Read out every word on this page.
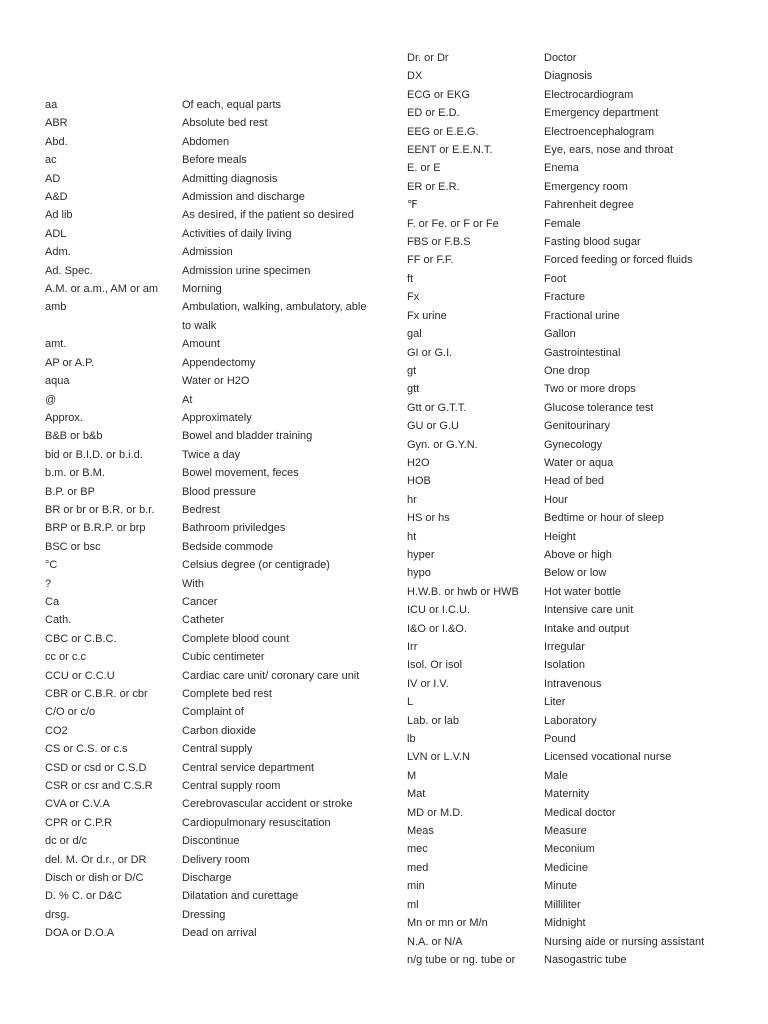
aa	Of each, equal parts
ABR	Absolute bed rest
Abd.	Abdomen
ac	Before meals
AD	Admitting diagnosis
A&D	Admission and discharge
Ad lib	As desired, if the patient so desired
ADL	Activities of daily living
Adm.	Admission
Ad. Spec.	Admission urine specimen
A.M. or a.m., AM or am	Morning
amb	Ambulation, walking, ambulatory, able to walk
amt.	Amount
AP or A.P.	Appendectomy
aqua	Water or H2O
@	At
Approx.	Approximately
B&B or b&b	Bowel and bladder training
bid or B.I.D. or b.i.d.	Twice a day
b.m. or B.M.	Bowel movement, feces
B.P. or BP	Blood pressure
BR or br or B.R. or b.r.	Bedrest
BRP or B.R.P. or brp	Bathroom priviledges
BSC or bsc	Bedside commode
°C	Celsius degree (or centigrade)
?	With
Ca	Cancer
Cath.	Catheter
CBC or C.B.C.	Complete blood count
cc or c.c	Cubic centimeter
CCU or C.C.U	Cardiac care unit/ coronary care unit
CBR or C.B.R. or cbr	Complete bed rest
C/O or c/o	Complaint of
CO2	Carbon dioxide
CS or C.S. or c.s	Central supply
CSD or csd or C.S.D	Central service department
CSR or csr and C.S.R	Central supply room
CVA or C.V.A	Cerebrovascular accident or stroke
CPR or C.P.R	Cardiopulmonary resuscitation
dc or d/c	Discontinue
del. M. Or d.r., or DR	Delivery room
Disch or dish or D/C	Discharge
D. % C. or D&C	Dilatation and curettage
drsg.	Dressing
DOA or D.O.A	Dead on arrival
Dr. or Dr	Doctor
DX	Diagnosis
ECG or EKG	Electrocardiogram
ED or E.D.	Emergency department
EEG or E.E.G.	Electroencephalogram
EENT or E.E.N.T.	Eye, ears, nose and throat
E. or E	Enema
ER or E.R.	Emergency room
℉	Fahrenheit degree
F. or Fe. or F or Fe	Female
FBS or F.B.S	Fasting blood sugar
FF or F.F.	Forced feeding or forced fluids
ft	Foot
Fx	Fracture
Fx urine	Fractional urine
gal	Gallon
GI or G.I.	Gastrointestinal
gt	One drop
gtt	Two or more drops
Gtt or G.T.T.	Glucose tolerance test
GU or G.U	Genitourinary
Gyn. or G.Y.N.	Gynecology
H2O	Water or aqua
HOB	Head of bed
hr	Hour
HS or hs	Bedtime or hour of sleep
ht	Height
hyper	Above or high
hypo	Below or low
H.W.B. or hwb or HWB	Hot water bottle
ICU or I.C.U.	Intensive care unit
I&O or I.&O.	Intake and output
Irr	Irregular
Isol. Or isol	Isolation
IV or I.V.	Intravenous
L	Liter
Lab. or lab	Laboratory
lb	Pound
LVN or L.V.N	Licensed vocational nurse
M	Male
Mat	Maternity
MD or M.D.	Medical doctor
Meas	Measure
mec	Meconium
med	Medicine
min	Minute
ml	Milliliter
Mn or mn or M/n	Midnight
N.A. or N/A	Nursing aide or nursing assistant
n/g tube or ng. tube or	Nasogastric tube
